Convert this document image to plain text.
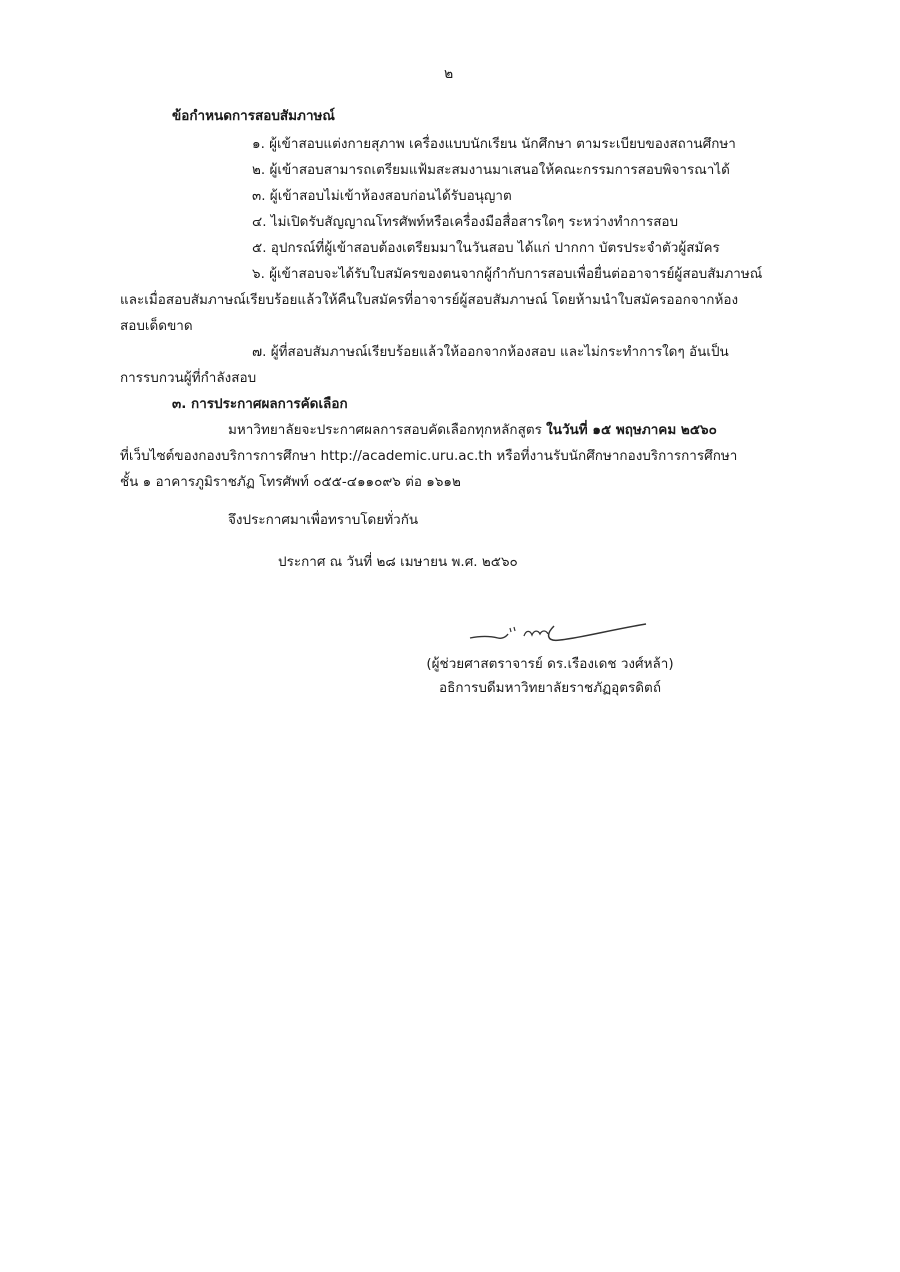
๒
ข้อกำหนดการสอบสัมภาษณ์
๑. ผู้เข้าสอบแต่งกายสุภาพ เครื่องแบบนักเรียน นักศึกษา ตามระเบียบของสถานศึกษา
๒. ผู้เข้าสอบสามารถเตรียมแฟ้มสะสมงานมาเสนอให้คณะกรรมการสอบพิจารณาได้
๓. ผู้เข้าสอบไม่เข้าห้องสอบก่อนได้รับอนุญาต
๔. ไม่เปิดรับสัญญาณโทรศัพท์หรือเครื่องมือสื่อสารใดๆ ระหว่างทำการสอบ
๕. อุปกรณ์ที่ผู้เข้าสอบต้องเตรียมมาในวันสอบ ได้แก่ ปากกา บัตรประจำตัวผู้สมัคร
๖. ผู้เข้าสอบจะได้รับใบสมัครของตนจากผู้กำกับการสอบเพื่อยื่นต่ออาจารย์ผู้สอบสัมภาษณ์
และเมื่อสอบสัมภาษณ์เรียบร้อยแล้วให้คืนใบสมัครที่อาจารย์ผู้สอบสัมภาษณ์ โดยห้ามนำใบสมัครออกจากห้อง
สอบเด็ดขาด
๗. ผู้ที่สอบสัมภาษณ์เรียบร้อยแล้วให้ออกจากห้องสอบ และไม่กระทำการใดๆ อันเป็น
การรบกวนผู้ที่กำลังสอบ
๓. การประกาศผลการคัดเลือก
มหาวิทยาลัยจะประกาศผลการสอบคัดเลือกทุกหลักสูตร ในวันที่ ๑๕ พฤษภาคม ๒๕๖๐
ที่เว็บไซต์ของกองบริการการศึกษา http://academic.uru.ac.th หรือที่งานรับนักศึกษากองบริการการศึกษา
ชั้น ๑ อาคารภูมิราชภัฏ โทรศัพท์ ๐๕๕-๔๑๑๐๙๖ ต่อ ๑๖๑๒
จึงประกาศมาเพื่อทราบโดยทั่วกัน
ประกาศ ณ วันที่ ๒๘ เมษายน พ.ศ. ๒๕๖๐
(ผู้ช่วยศาสตราจารย์ ดร.เรืองเดช วงศ์หล้า)
อธิการบดีมหาวิทยาลัยราชภัฏอุตรดิตถ์
